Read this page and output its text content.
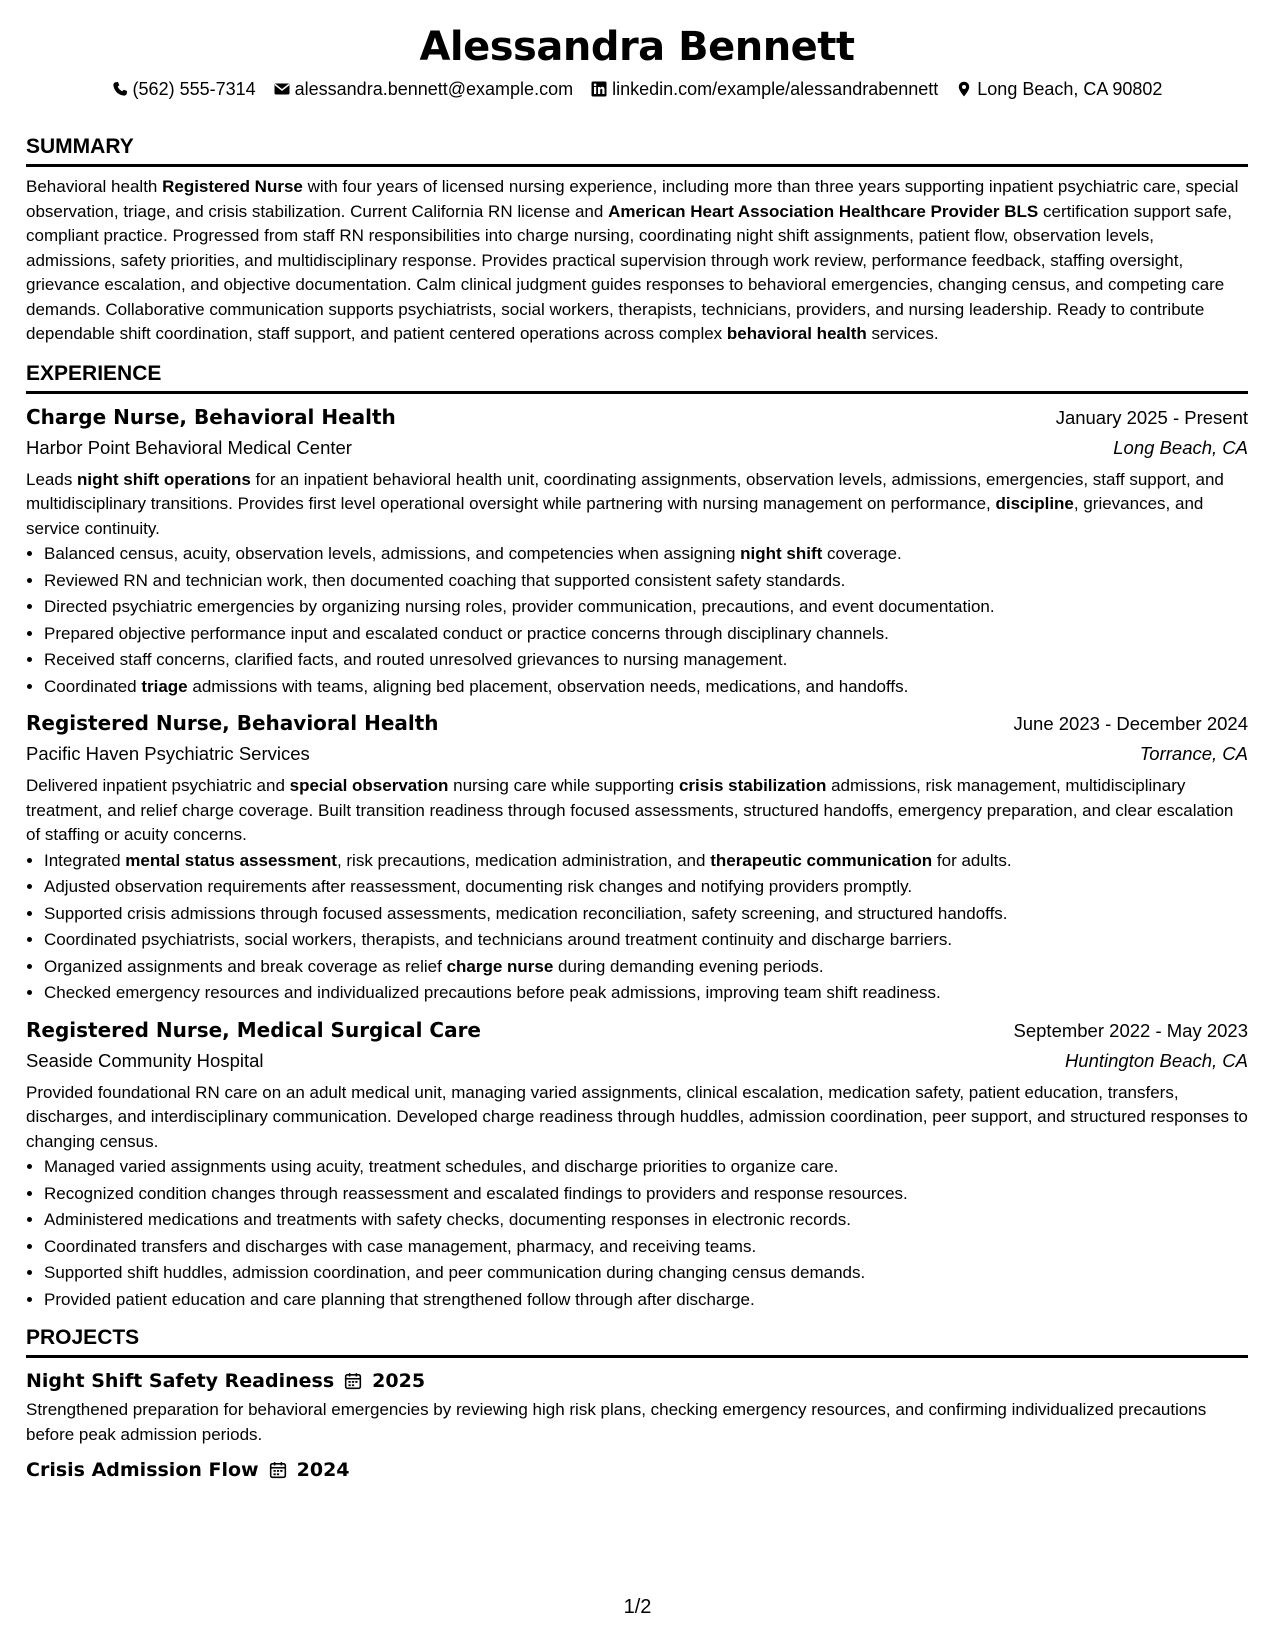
Alessandra Bennett
(562) 555-7314 alessandra.bennett@example.com linkedin.com/example/alessandrabennett Long Beach, CA 90802
SUMMARY
Behavioral health Registered Nurse with four years of licensed nursing experience, including more than three years supporting inpatient psychiatric care, special observation, triage, and crisis stabilization. Current California RN license and American Heart Association Healthcare Provider BLS certification support safe, compliant practice. Progressed from staff RN responsibilities into charge nursing, coordinating night shift assignments, patient flow, observation levels, admissions, safety priorities, and multidisciplinary response. Provides practical supervision through work review, performance feedback, staffing oversight, grievance escalation, and objective documentation. Calm clinical judgment guides responses to behavioral emergencies, changing census, and competing care demands. Collaborative communication supports psychiatrists, social workers, therapists, technicians, providers, and nursing leadership. Ready to contribute dependable shift coordination, staff support, and patient centered operations across complex behavioral health services.
EXPERIENCE
Charge Nurse, Behavioral Health	January 2025 - Present
Harbor Point Behavioral Medical Center	Long Beach, CA
Leads night shift operations for an inpatient behavioral health unit, coordinating assignments, observation levels, admissions, emergencies, staff support, and multidisciplinary transitions. Provides first level operational oversight while partnering with nursing management on performance, discipline, grievances, and service continuity.
• Balanced census, acuity, observation levels, admissions, and competencies when assigning night shift coverage.
• Reviewed RN and technician work, then documented coaching that supported consistent safety standards.
• Directed psychiatric emergencies by organizing nursing roles, provider communication, precautions, and event documentation.
• Prepared objective performance input and escalated conduct or practice concerns through disciplinary channels.
• Received staff concerns, clarified facts, and routed unresolved grievances to nursing management.
• Coordinated triage admissions with teams, aligning bed placement, observation needs, medications, and handoffs.
Registered Nurse, Behavioral Health	June 2023 - December 2024
Pacific Haven Psychiatric Services	Torrance, CA
Delivered inpatient psychiatric and special observation nursing care while supporting crisis stabilization admissions, risk management, multidisciplinary treatment, and relief charge coverage. Built transition readiness through focused assessments, structured handoffs, emergency preparation, and clear escalation of staffing or acuity concerns.
• Integrated mental status assessment, risk precautions, medication administration, and therapeutic communication for adults.
• Adjusted observation requirements after reassessment, documenting risk changes and notifying providers promptly.
• Supported crisis admissions through focused assessments, medication reconciliation, safety screening, and structured handoffs.
• Coordinated psychiatrists, social workers, therapists, and technicians around treatment continuity and discharge barriers.
• Organized assignments and break coverage as relief charge nurse during demanding evening periods.
• Checked emergency resources and individualized precautions before peak admissions, improving team shift readiness.
Registered Nurse, Medical Surgical Care	September 2022 - May 2023
Seaside Community Hospital	Huntington Beach, CA
Provided foundational RN care on an adult medical unit, managing varied assignments, clinical escalation, medication safety, patient education, transfers, discharges, and interdisciplinary communication. Developed charge readiness through huddles, admission coordination, peer support, and structured responses to changing census.
• Managed varied assignments using acuity, treatment schedules, and discharge priorities to organize care.
• Recognized condition changes through reassessment and escalated findings to providers and response resources.
• Administered medications and treatments with safety checks, documenting responses in electronic records.
• Coordinated transfers and discharges with case management, pharmacy, and receiving teams.
• Supported shift huddles, admission coordination, and peer communication during changing census demands.
• Provided patient education and care planning that strengthened follow through after discharge.
PROJECTS
Night Shift Safety Readiness 2025
Strengthened preparation for behavioral emergencies by reviewing high risk plans, checking emergency resources, and confirming individualized precautions before peak admission periods.
Crisis Admission Flow 2024
1/2
